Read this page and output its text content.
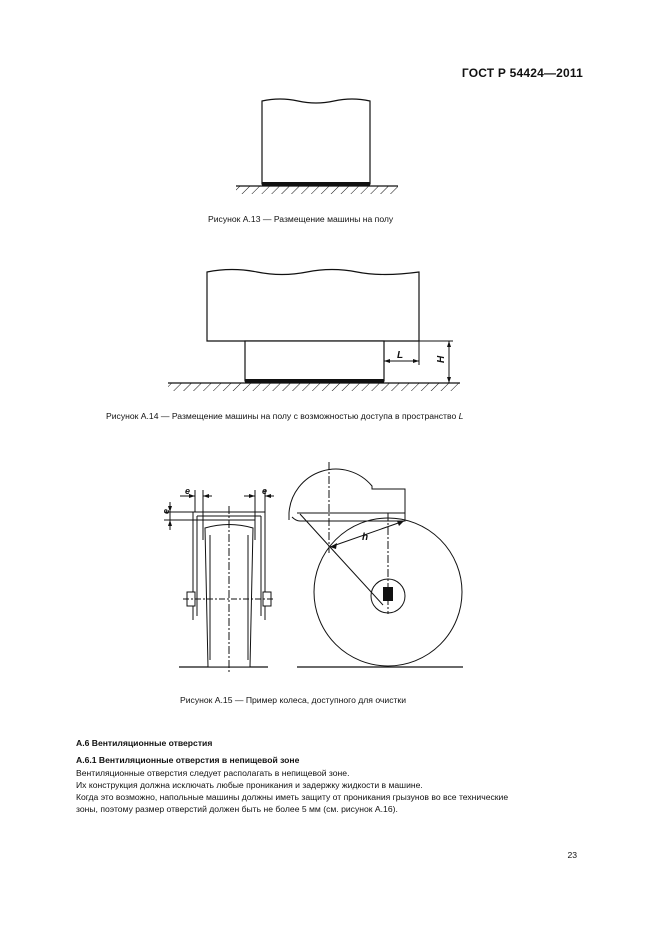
ГОСТ Р 54424—2011
Рисунок А.13 — Размещение машины на полу
L	H
Рисунок А.14 — Размещение машины на полу с возможностью доступа в пространство L
e	e
e
h
Рисунок А.15 — Пример колеса, доступного для очистки
А.6 Вентиляционные отверстия
А.6.1 Вентиляционные отверстия в непищевой зоне
Вентиляционные отверстия следует располагать в непищевой зоне.
Их конструкция должна исключать любые проникания и задержку жидкости в машине.
Когда это возможно, напольные машины должны иметь защиту от проникания грызунов во все технические
зоны, поэтому размер отверстий должен быть не более 5 мм (см. рисунок А.16).
23
